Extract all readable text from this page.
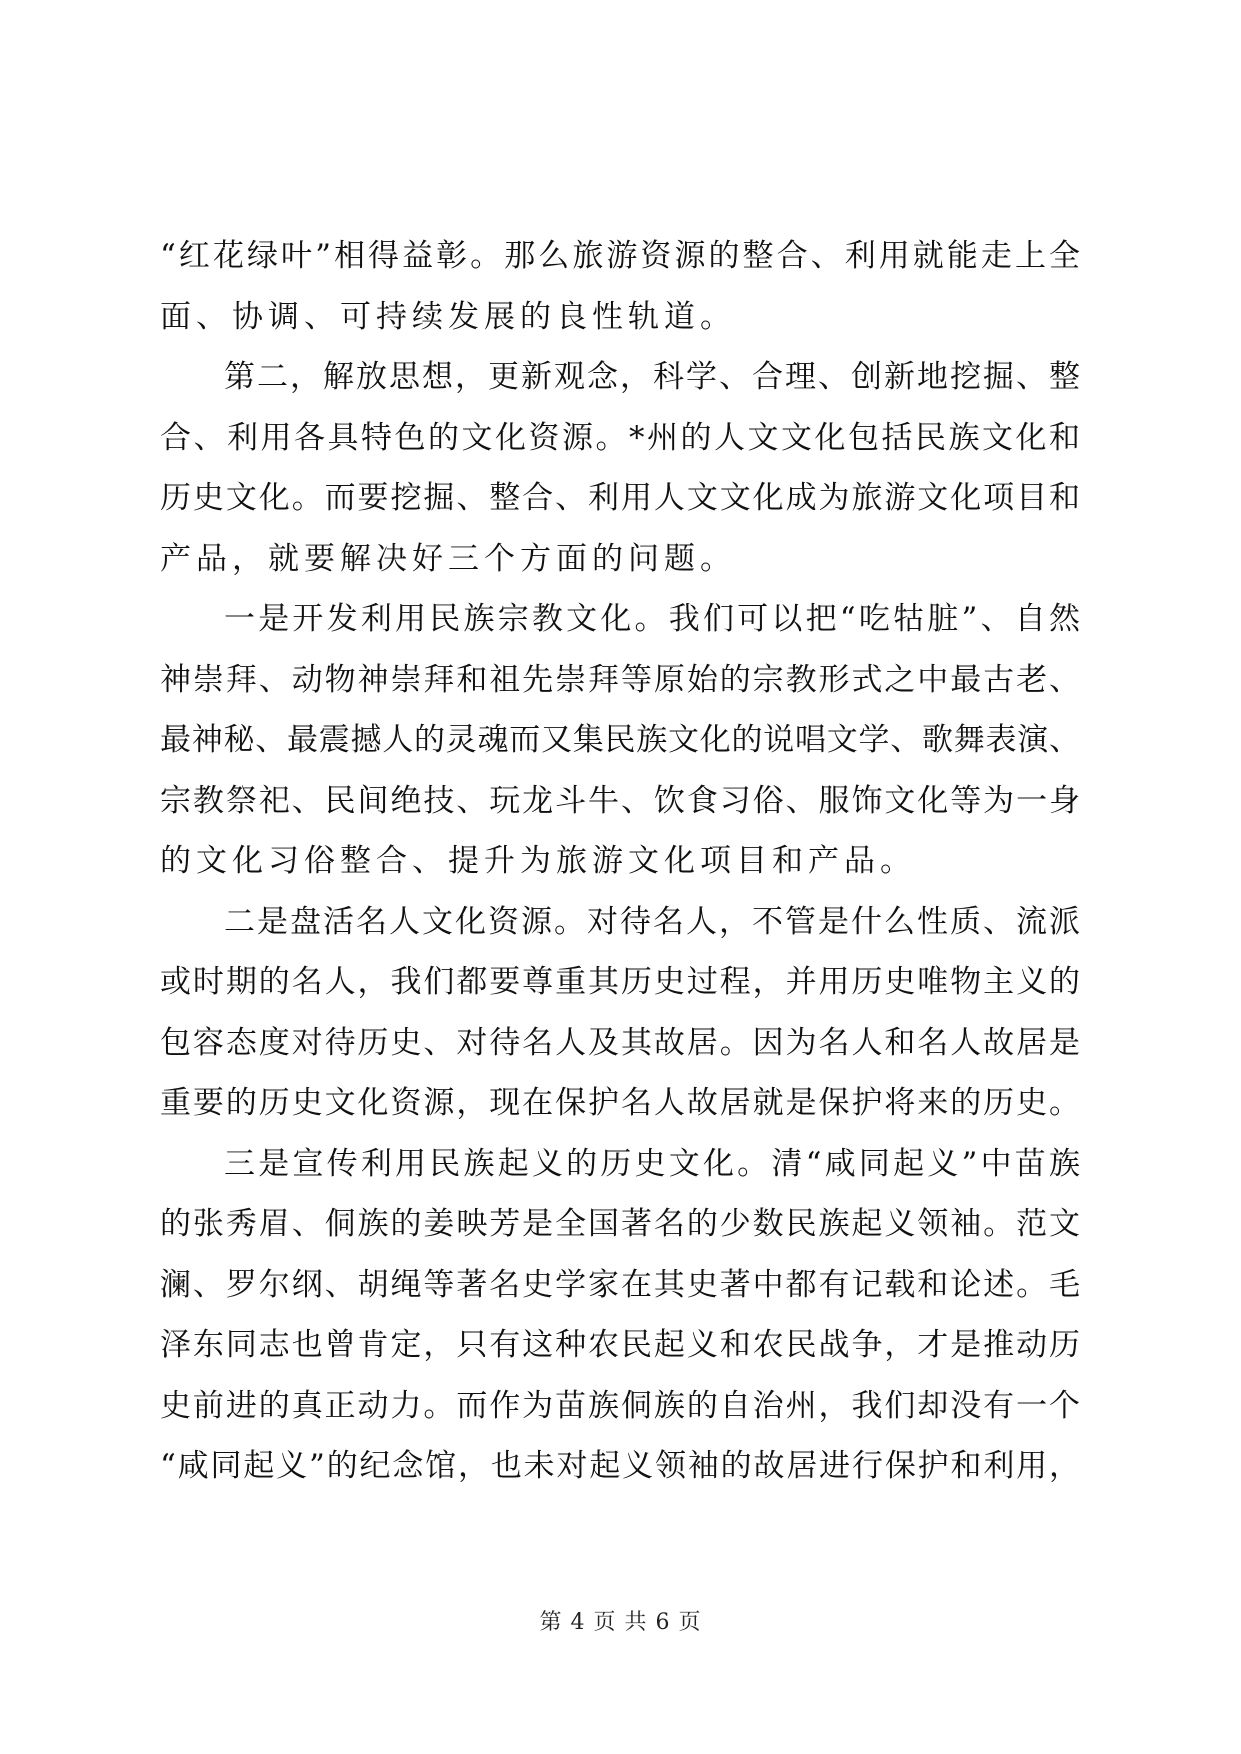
“红花绿叶”相得益彰。那么旅游资源的整合、利用就能走上全
面、协调、可持续发展的良性轨道。
第二，解放思想，更新观念，科学、合理、创新地挖掘、整
合、利用各具特色的文化资源。*州的人文文化包括民族文化和
历史文化。而要挖掘、整合、利用人文文化成为旅游文化项目和
产品，就要解决好三个方面的问题。
一是开发利用民族宗教文化。我们可以把“吃牯脏”、自然
神崇拜、动物神崇拜和祖先崇拜等原始的宗教形式之中最古老、
最神秘、最震撼人的灵魂而又集民族文化的说唱文学、歌舞表演、
宗教祭祀、民间绝技、玩龙斗牛、饮食习俗、服饰文化等为一身
的文化习俗整合、提升为旅游文化项目和产品。
二是盘活名人文化资源。对待名人，不管是什么性质、流派
或时期的名人，我们都要尊重其历史过程，并用历史唯物主义的
包容态度对待历史、对待名人及其故居。因为名人和名人故居是
重要的历史文化资源，现在保护名人故居就是保护将来的历史。
三是宣传利用民族起义的历史文化。清“咸同起义”中苗族
的张秀眉、侗族的姜映芳是全国著名的少数民族起义领袖。范文
澜、罗尔纲、胡绳等著名史学家在其史著中都有记载和论述。毛
泽东同志也曾肯定，只有这种农民起义和农民战争，才是推动历
史前进的真正动力。而作为苗族侗族的自治州，我们却没有一个
“咸同起义”的纪念馆，也未对起义领袖的故居进行保护和利用，
第 4 页 共 6 页
